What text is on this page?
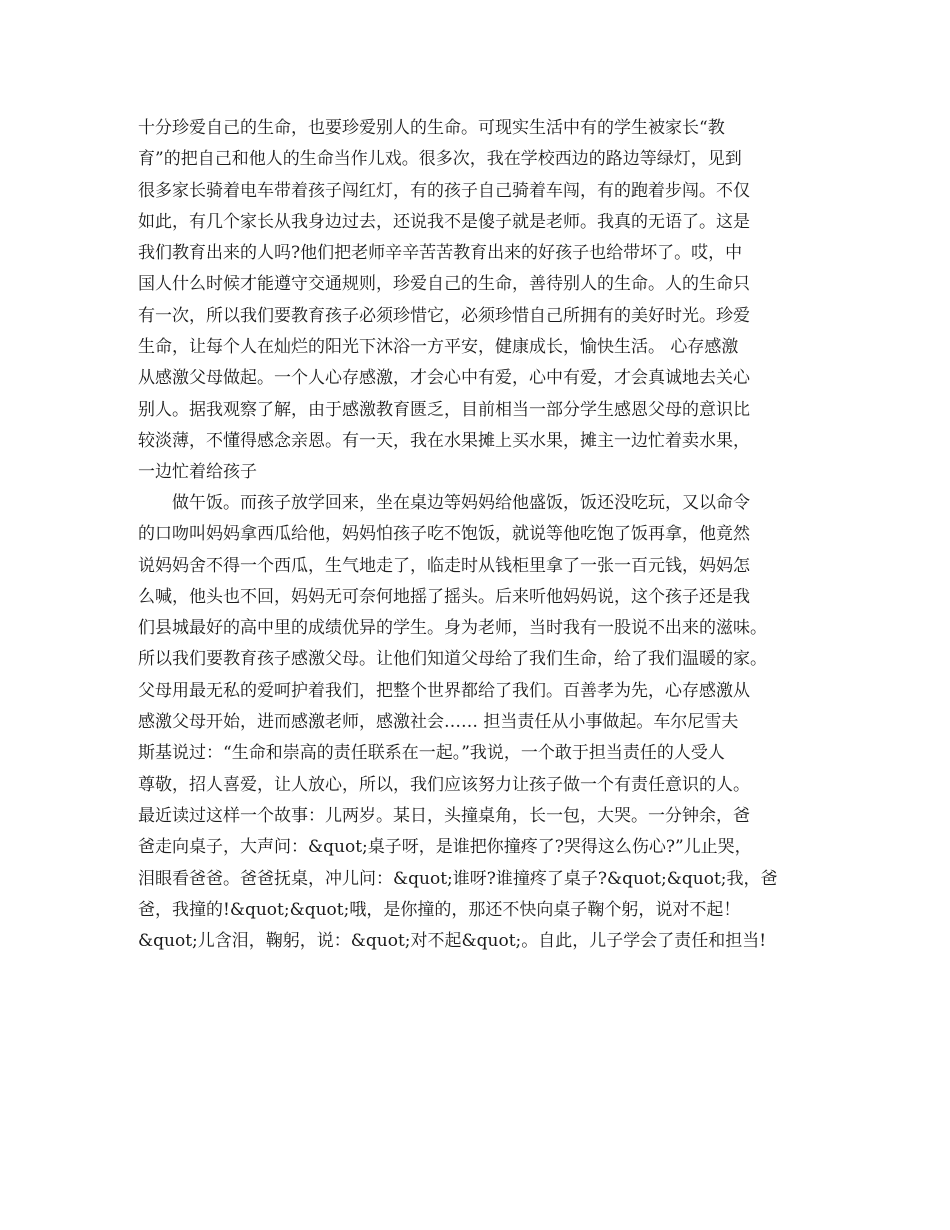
十分珍爱自己的生命，也要珍爱别人的生命。可现实生活中有的学生被家长“教
育”的把自己和他人的生命当作儿戏。很多次，我在学校西边的路边等绿灯，见到
很多家长骑着电车带着孩子闯红灯，有的孩子自己骑着车闯，有的跑着步闯。不仅
如此，有几个家长从我身边过去，还说我不是傻子就是老师。我真的无语了。这是
我们教育出来的人吗?他们把老师辛辛苦苦教育出来的好孩子也给带坏了。哎，中
国人什么时候才能遵守交通规则，珍爱自己的生命，善待别人的生命。人的生命只
有一次，所以我们要教育孩子必须珍惜它，必须珍惜自己所拥有的美好时光。珍爱
生命，让每个人在灿烂的阳光下沐浴一方平安，健康成长，愉快生活。 心存感激
从感激父母做起。一个人心存感激，才会心中有爱，心中有爱，才会真诚地去关心
别人。据我观察了解，由于感激教育匮乏，目前相当一部分学生感恩父母的意识比
较淡薄，不懂得感念亲恩。有一天，我在水果摊上买水果，摊主一边忙着卖水果，
一边忙着给孩子
做午饭。而孩子放学回来，坐在桌边等妈妈给他盛饭，饭还没吃玩，又以命令
的口吻叫妈妈拿西瓜给他，妈妈怕孩子吃不饱饭，就说等他吃饱了饭再拿，他竟然
说妈妈舍不得一个西瓜，生气地走了，临走时从钱柜里拿了一张一百元钱，妈妈怎
么喊，他头也不回，妈妈无可奈何地摇了摇头。后来听他妈妈说，这个孩子还是我
们县城最好的高中里的成绩优异的学生。身为老师，当时我有一股说不出来的滋味。
所以我们要教育孩子感激父母。让他们知道父母给了我们生命，给了我们温暖的家。
父母用最无私的爱呵护着我们，把整个世界都给了我们。百善孝为先，心存感激从
感激父母开始，进而感激老师，感激社会…… 担当责任从小事做起。车尔尼雪夫
斯基说过：“生命和崇高的责任联系在一起。”我说，一个敢于担当责任的人受人
尊敬，招人喜爱，让人放心，所以，我们应该努力让孩子做一个有责任意识的人。
最近读过这样一个故事：儿两岁。某日，头撞桌角，长一包，大哭。一分钟余，爸
爸走向桌子，大声问：&quot;桌子呀，是谁把你撞疼了?哭得这么伤心?”儿止哭，
泪眼看爸爸。爸爸抚桌，冲儿问：&quot;谁呀?谁撞疼了桌子?&quot;&quot;我，爸
爸，我撞的!&quot;&quot;哦，是你撞的，那还不快向桌子鞠个躬，说对不起！
&quot;儿含泪，鞠躬，说：&quot;对不起&quot;。自此，儿子学会了责任和担当!
